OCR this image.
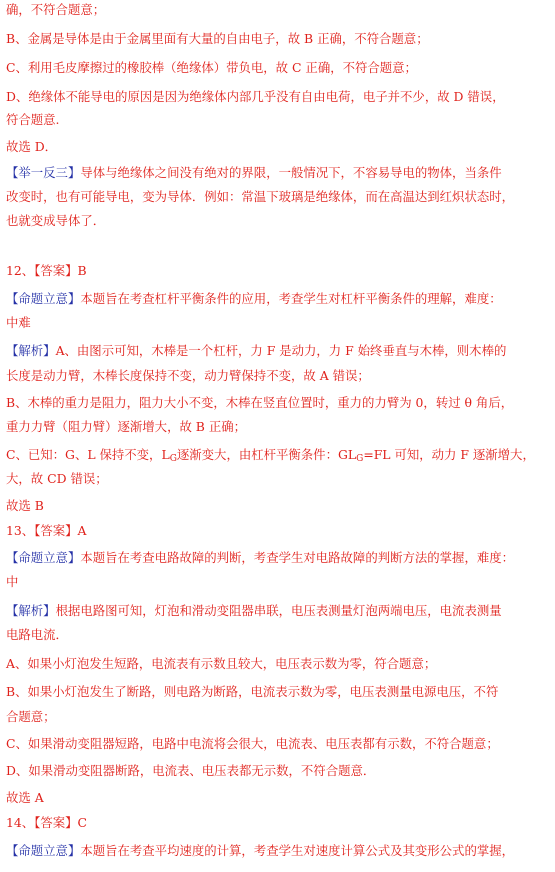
确，不符合题意；
B、金属是导体是由于金属里面有大量的自由电子，故 B 正确，不符合题意；
C、利用毛皮摩擦过的橡胶棒（绝缘体）带负电，故 C 正确，不符合题意；
D、绝缘体不能导电的原因是因为绝缘体内部几乎没有自由电荷，电子并不少，故 D 错误，
符合题意.
故选 D．
【举一反三】导体与绝缘体之间没有绝对的界限，一般情况下，不容易导电的物体，当条件
改变时，也有可能导电，变为导体．例如：常温下玻璃是绝缘体，而在高温达到红炽状态时，
也就变成导体了．
12、【答案】B
【命题立意】本题旨在考查杠杆平衡条件的应用，考查学生对杠杆平衡条件的理解，难度：
中难
【解析】A、由图示可知，木棒是一个杠杆，力 F 是动力，力 F 始终垂直与木棒，则木棒的
长度是动力臂，木棒长度保持不变，动力臂保持不变，故 A 错误；
B、木棒的重力是阻力，阻力大小不变，木棒在竖直位置时，重力的力臂为 0，转过 θ 角后，
重力力臂（阻力臂）逐渐增大，故 B 正确；
C、已知：G、L 保持不变，$L_G$逐渐变大，由杠杆平衡条件：$GL_G=FL$ 可知，动力 F 逐渐增大，
大，故 CD 错误；
故选 B
13、【答案】A
【命题立意】本题旨在考查电路故障的判断，考查学生对电路故障的判断方法的掌握，难度：
中
【解析】根据电路图可知，灯泡和滑动变阻器串联，电压表测量灯泡两端电压，电流表测量
电路电流．
A、如果小灯泡发生短路，电流表有示数且较大，电压表示数为零，符合题意；
B、如果小灯泡发生了断路，则电路为断路，电流表示数为零，电压表测量电源电压，不符
合题意；
C、如果滑动变阻器短路，电路中电流将会很大，电流表、电压表都有示数，不符合题意；
D、如果滑动变阻器断路，电流表、电压表都无示数，不符合题意．
故选 A
14、【答案】C
【命题立意】本题旨在考查平均速度的计算，考查学生对速度计算公式及其变形公式的掌握，
